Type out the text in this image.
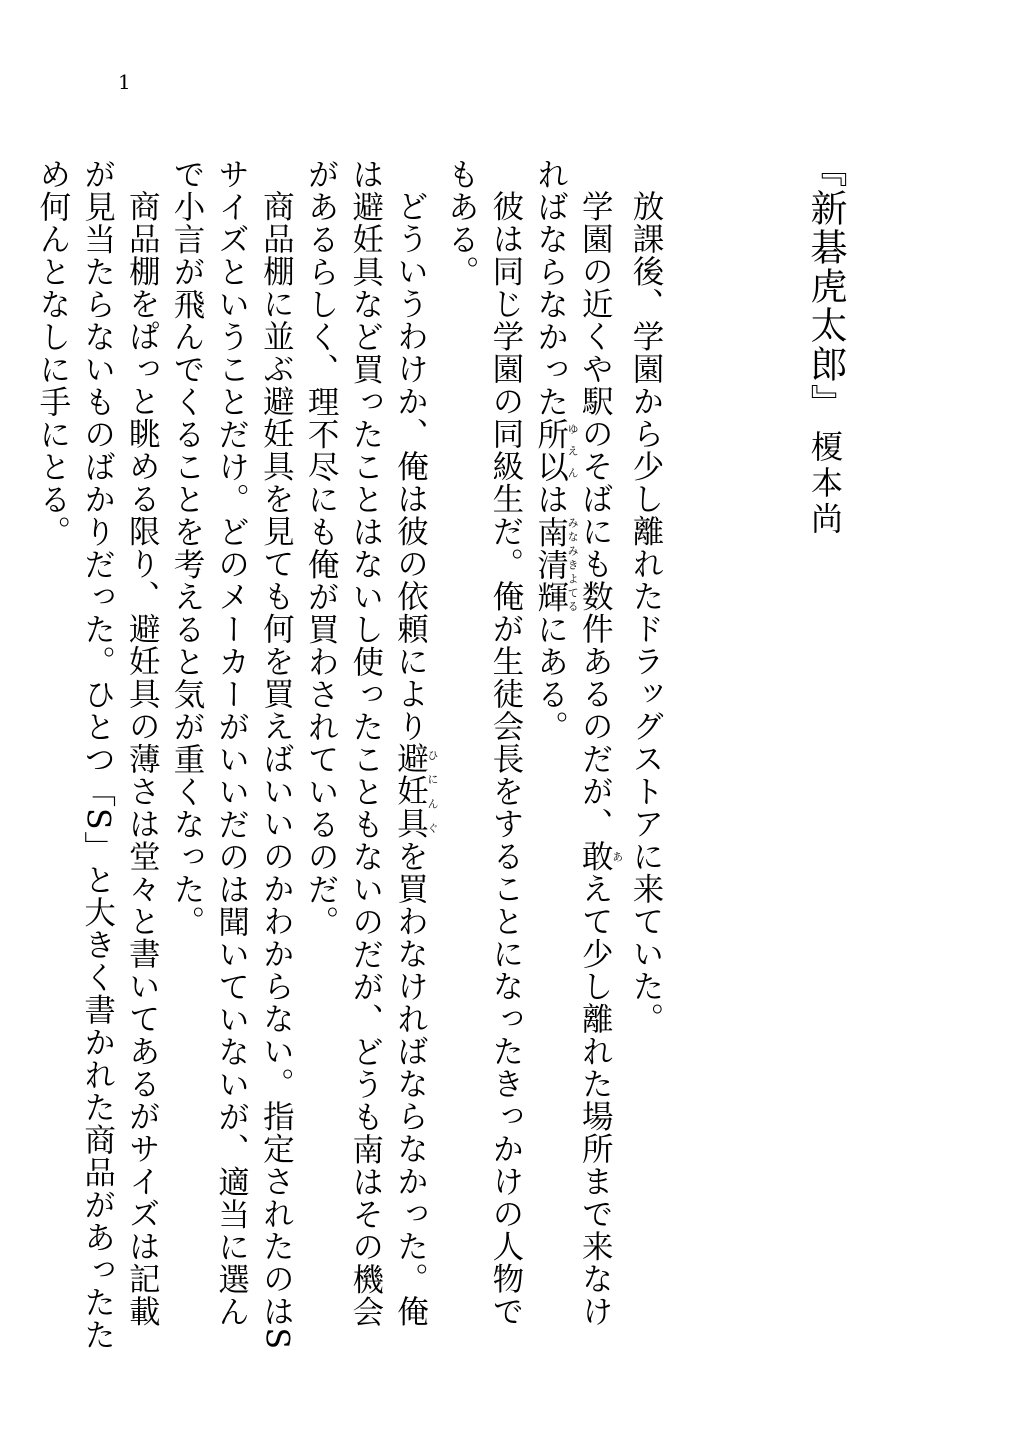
1
『新碁虎太郎』
榎本尚

放課後、学園から少し離れたドラッグストアに来ていた。

学園の近くや駅のそばにも数件あるのだが、敢あえて少し離れた場所まで来なければならなかった所以ゆえんは南清輝みなみきよてるにある。

彼は同じ学園の同級生だ。俺が生徒会長をすることになったきっかけの人物でもある。

どういうわけか、俺は彼の依頼により避妊具ひにんぐを買わなければならなかった。俺は避妊具など買ったことはないし使ったこともないのだが、どうも南はその機会があるらしく、理不尽にも俺が買わされているのだ。

商品棚に並ぶ避妊具を見ても何を買えばいいのかわからない。指定されたのはSサイズということだけ。どのメーカーがいいだのは聞いていないが、適当に選んで小言が飛んでくることを考えると気が重くなった。

商品棚をぱっと眺める限り、避妊具の薄さは堂々と書いてあるがサイズは記載が見当たらないものばかりだった。ひとつ「S」と大きく書かれた商品があったため何んとなしに手にとる。
